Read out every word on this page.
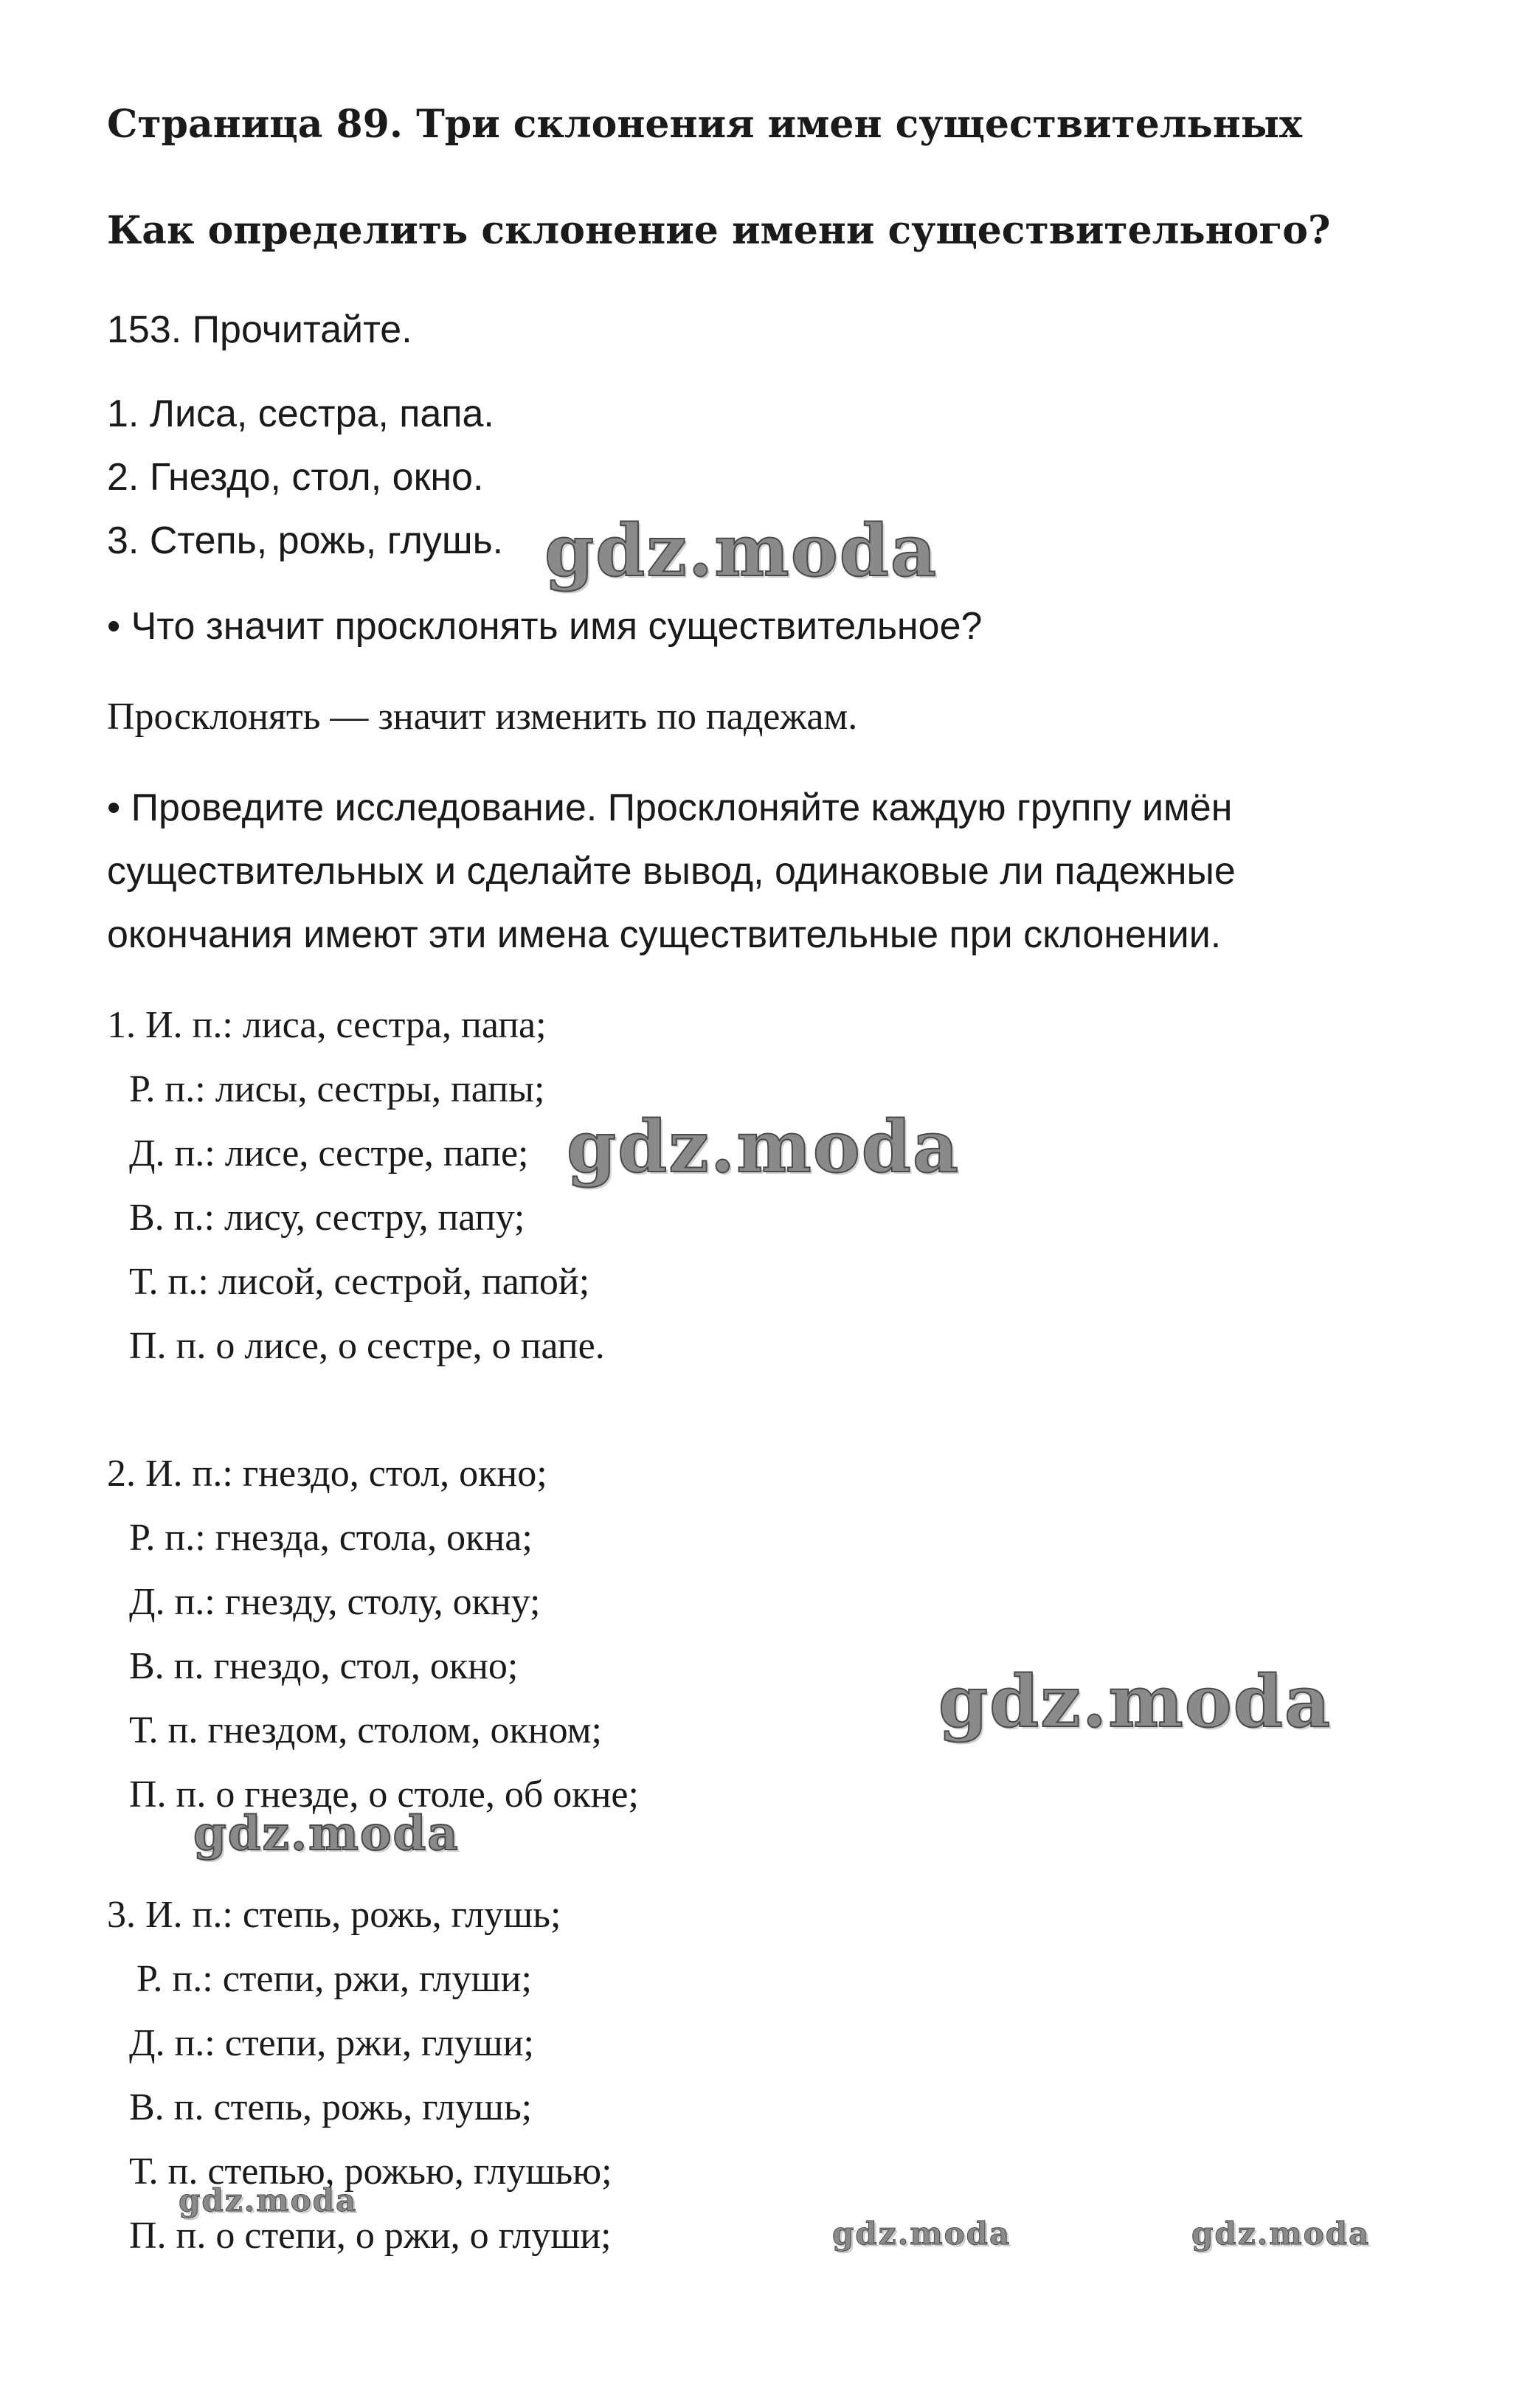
Страница 89. Три склонения имен существительных
Как определить склонение имени существительного?

153. Прочитайте.

1. Лиса, сестра, папа.

2. Гнездо, стол, окно.

3. Степь, рожь, глушь.

• Что значит просклонять имя существительное?

Просклонять — значит изменить по падежам.

• Проведите исследование. Просклоняйте каждую группу имён
существительных и сделайте вывод, одинаковые ли падежные
окончания имеют эти имена существительные при склонении.

1. И. п.: лиса, сестра, папа;

Р. п.: лисы, сестры, папы;

Д. п.: лисе, сестре, папе;

В. п.: лису, сестру, папу;

Т. п.: лисой, сестрой, папой;

П. п. о лисе, о сестре, о папе.

2. И. п.: гнездо, стол, окно;

Р. п.: гнезда, стола, окна;

Д. п.: гнезду, столу, окну;

В. п. гнездо, стол, окно;

Т. п. гнездом, столом, окном;

П. п. о гнезде, о столе, об окне;

3. И. п.: степь, рожь, глушь;

Р. п.: степи, ржи, глуши;

Д. п.: степи, ржи, глуши;

В. п. степь, рожь, глушь;

Т. п. степью, рожью, глушью;

П. п. о степи, о ржи, о глуши;

gdz.moda
gdz.moda
gdz.moda
gdz.moda
gdz.moda
gdz.moda	gdz.moda
